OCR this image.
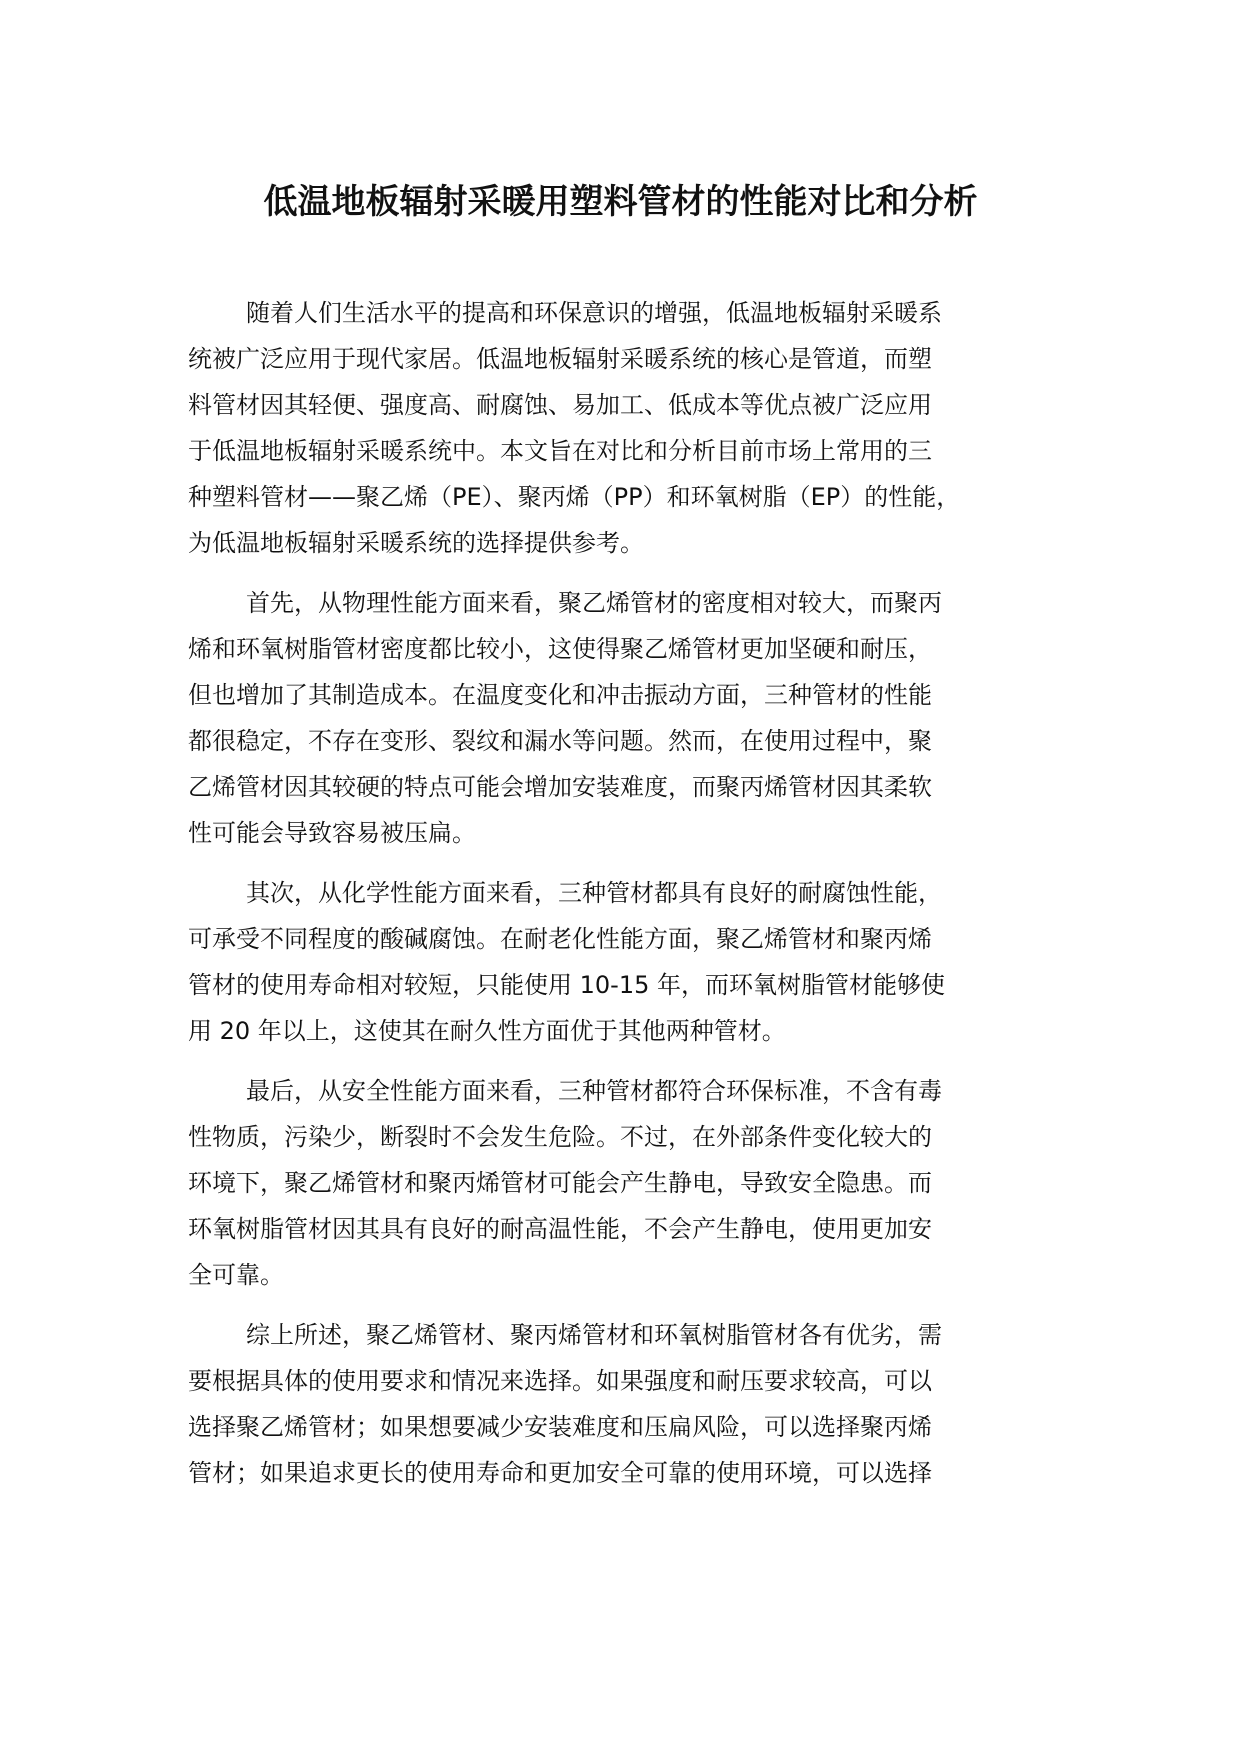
低温地板辐射采暖用塑料管材的性能对比和分析

随着人们生活水平的提高和环保意识的增强，低温地板辐射采暖系
统被广泛应用于现代家居。低温地板辐射采暖系统的核心是管道，而塑
料管材因其轻便、强度高、耐腐蚀、易加工、低成本等优点被广泛应用
于低温地板辐射采暖系统中。本文旨在对比和分析目前市场上常用的三
种塑料管材——聚乙烯（PE）、聚丙烯（PP）和环氧树脂（EP）的性能，
为低温地板辐射采暖系统的选择提供参考。

首先，从物理性能方面来看，聚乙烯管材的密度相对较大，而聚丙
烯和环氧树脂管材密度都比较小，这使得聚乙烯管材更加坚硬和耐压，
但也增加了其制造成本。在温度变化和冲击振动方面，三种管材的性能
都很稳定，不存在变形、裂纹和漏水等问题。然而，在使用过程中，聚
乙烯管材因其较硬的特点可能会增加安装难度，而聚丙烯管材因其柔软
性可能会导致容易被压扁。

其次，从化学性能方面来看，三种管材都具有良好的耐腐蚀性能，
可承受不同程度的酸碱腐蚀。在耐老化性能方面，聚乙烯管材和聚丙烯
管材的使用寿命相对较短，只能使用 10-15 年，而环氧树脂管材能够使
用 20 年以上，这使其在耐久性方面优于其他两种管材。

最后，从安全性能方面来看，三种管材都符合环保标准，不含有毒
性物质，污染少，断裂时不会发生危险。不过，在外部条件变化较大的
环境下，聚乙烯管材和聚丙烯管材可能会产生静电，导致安全隐患。而
环氧树脂管材因其具有良好的耐高温性能，不会产生静电，使用更加安
全可靠。

综上所述，聚乙烯管材、聚丙烯管材和环氧树脂管材各有优劣，需
要根据具体的使用要求和情况来选择。如果强度和耐压要求较高，可以
选择聚乙烯管材；如果想要减少安装难度和压扁风险，可以选择聚丙烯
管材；如果追求更长的使用寿命和更加安全可靠的使用环境，可以选择
